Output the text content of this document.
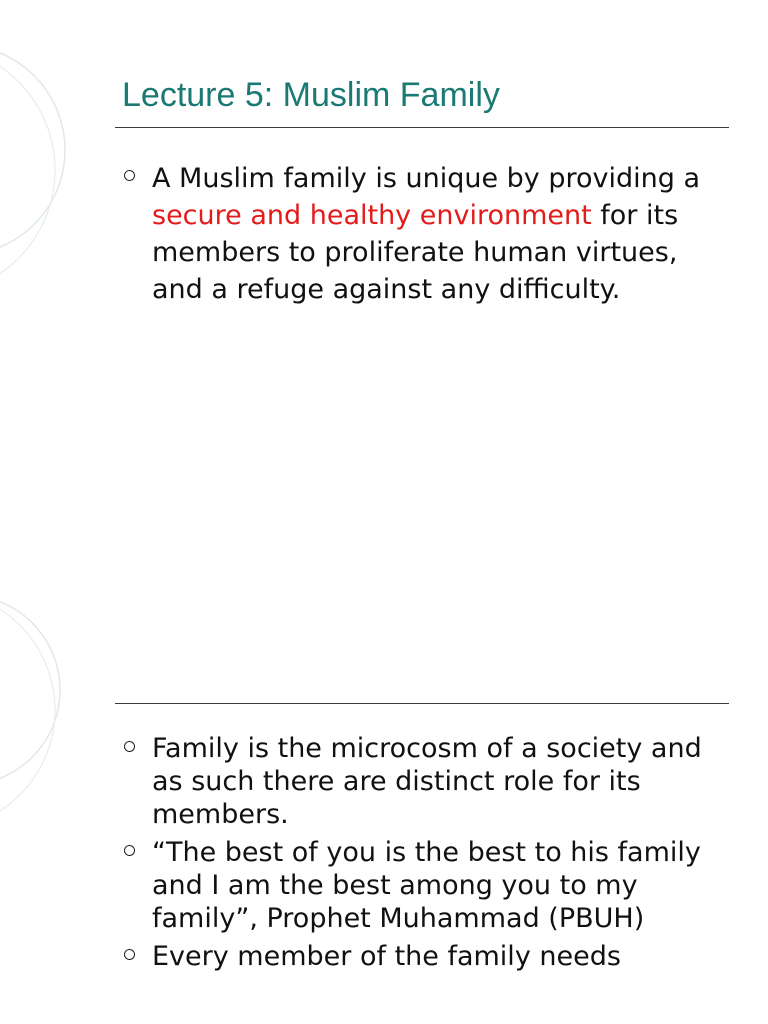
Lecture 5: Muslim Family
A Muslim family is unique by providing a secure and healthy environment for its members to proliferate human virtues, and a refuge against any difficulty.
Family is the microcosm of a society and as such there are distinct role for its members.
“The best of you is the best to his family and I am the best among you to my family”, Prophet Muhammad (PBUH)
Every member of the family needs
